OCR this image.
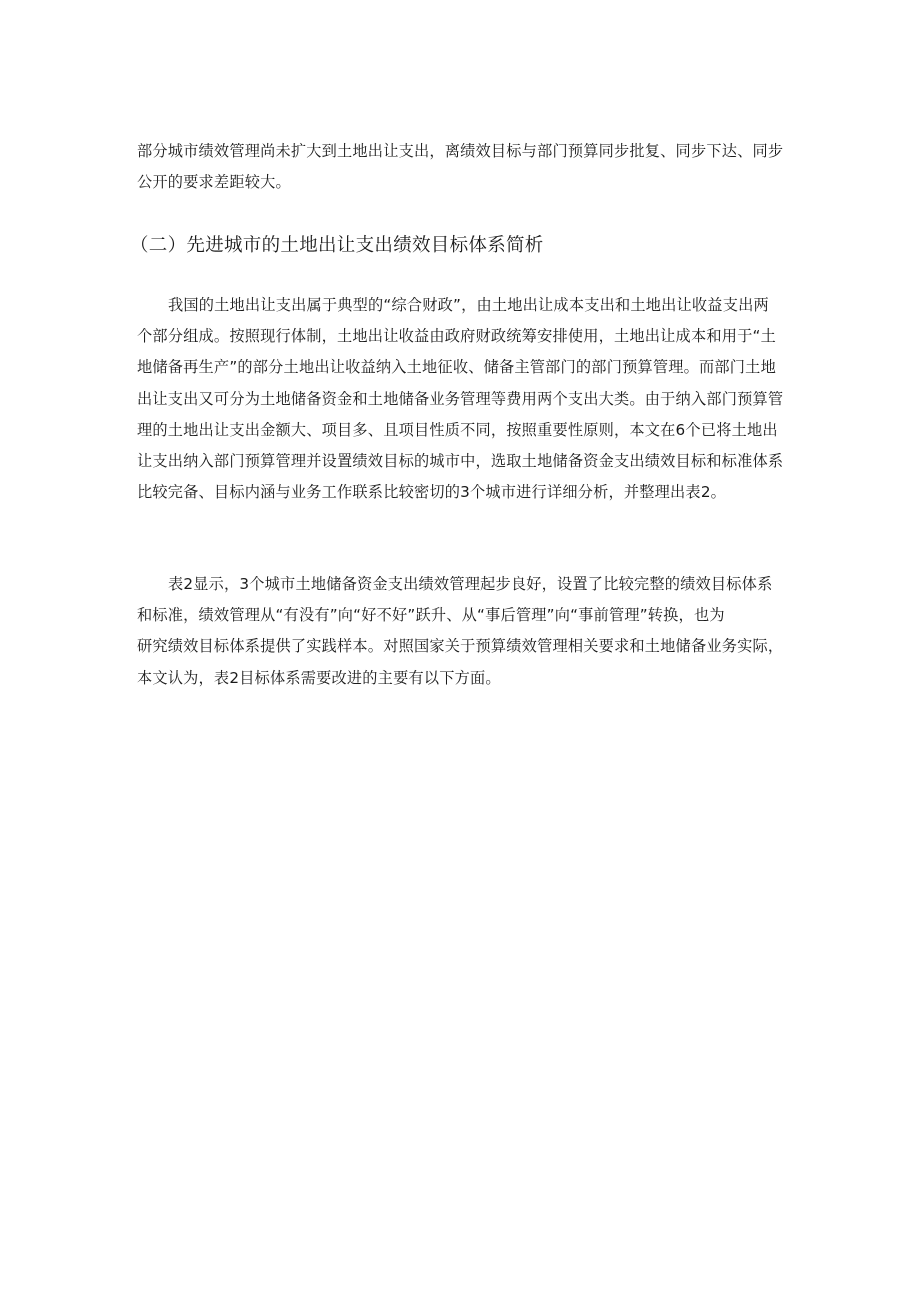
部分城市绩效管理尚未扩大到土地出让支出，离绩效目标与部门预算同步批复、同步下达、同步
公开的要求差距较大。

（二）先进城市的土地出让支出绩效目标体系简析

我国的土地出让支出属于典型的“综合财政”，由土地出让成本支出和土地出让收益支出两
个部分组成。按照现行体制，土地出让收益由政府财政统筹安排使用，土地出让成本和用于“土
地储备再生产”的部分土地出让收益纳入土地征收、储备主管部门的部门预算管理。而部门土地
出让支出又可分为土地储备资金和土地储备业务管理等费用两个支出大类。由于纳入部门预算管
理的土地出让支出金额大、项目多、且项目性质不同，按照重要性原则，本文在6个已将土地出
让支出纳入部门预算管理并设置绩效目标的城市中，选取土地储备资金支出绩效目标和标准体系
比较完备、目标内涵与业务工作联系比较密切的3个城市进行详细分析，并整理出表2。

表2显示，3个城市土地储备资金支出绩效管理起步良好，设置了比较完整的绩效目标体系
和标准，绩效管理从“有没有”向“好不好”跃升、从“事后管理”向“事前管理”转换，也为
研究绩效目标体系提供了实践样本。对照国家关于预算绩效管理相关要求和土地储备业务实际，
本文认为，表2目标体系需要改进的主要有以下方面。
